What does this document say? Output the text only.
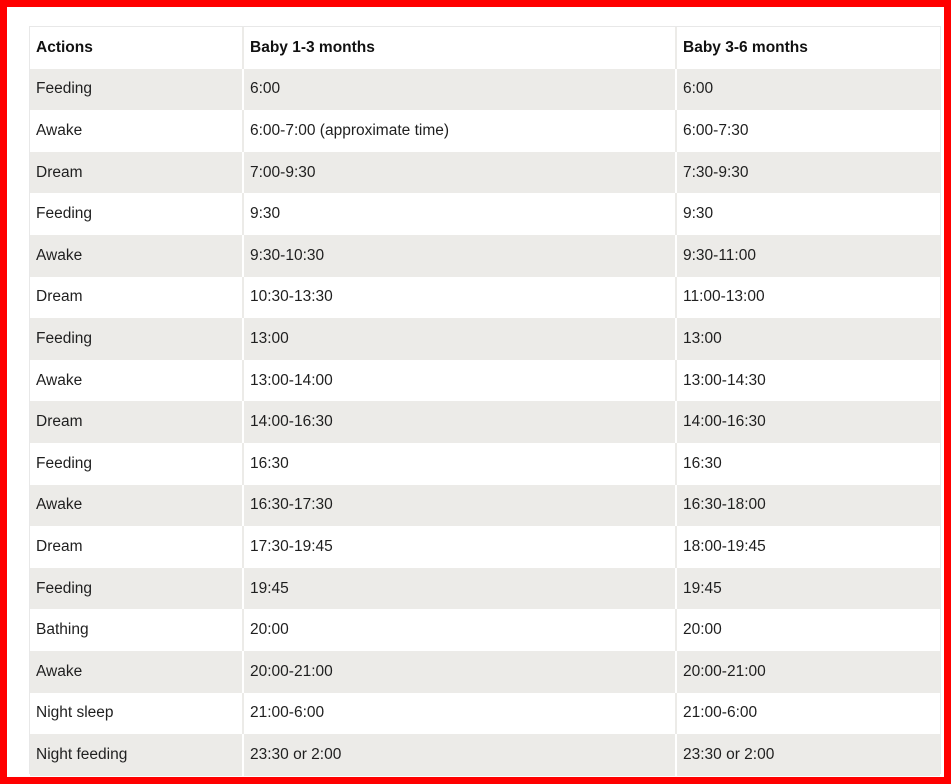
Actions	Baby 1-3 months	Baby 3-6 months
Feeding	6:00	6:00
Awake	6:00-7:00 (approximate time)	6:00-7:30
Dream	7:00-9:30	7:30-9:30
Feeding	9:30	9:30
Awake	9:30-10:30	9:30-11:00
Dream	10:30-13:30	11:00-13:00
Feeding	13:00	13:00
Awake	13:00-14:00	13:00-14:30
Dream	14:00-16:30	14:00-16:30
Feeding	16:30	16:30
Awake	16:30-17:30	16:30-18:00
Dream	17:30-19:45	18:00-19:45
Feeding	19:45	19:45
Bathing	20:00	20:00
Awake	20:00-21:00	20:00-21:00
Night sleep	21:00-6:00	21:00-6:00
Night feeding	23:30 or 2:00	23:30 or 2:00
